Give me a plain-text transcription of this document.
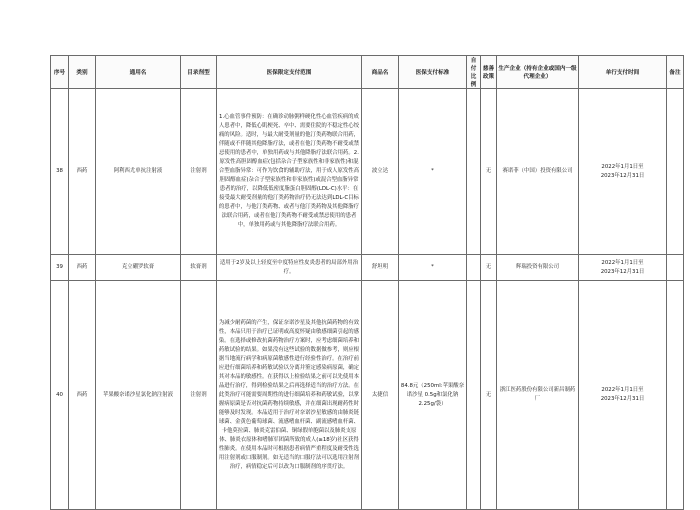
序号	类别	通用名	目录剂型	医保限定支付范围	商品名	医保支付标准	自付比例	慈善政策	生产企业（持有企业或国内一级代理企业）	单行支付时间	备注
38	西药	阿利西尤单抗注射液	注射剂	1.心血管事件预防：在确诊动脉粥样硬化性心血管疾病的成人患者中，降低心肌梗死、卒中、需要住院的不稳定性心绞痛的风险。适时，与最大耐受剂量的他汀类药物联合用药，伴随或不伴随其他降脂疗法，或者在他汀类药物不耐受或禁忌使用的患者中，单独用药或与其他降脂疗法联合用药。2.原发性高胆固醇血症(包括杂合子型家族性和非家族性)和混合型血脂异常：可作为饮食的辅助疗法，用于成人原发性高胆固醇血症(杂合子型家族性和非家族性)或混合型血脂异常患者的治疗，以降低低密度脂蛋白胆固醇(LDL-C)水平：在接受最大耐受剂量的他汀类药物治疗仍无法达到LDL-C目标的患者中，与他汀类药物、或者与他汀类药物及其他降脂疗法联合用药，或者在他汀类药物不耐受或禁忌使用的患者中，单独用药或与其他降脂疗法联合用药。	波立达	*		无	赛诺菲（中国）投资有限公司	2022年1月1日至
2023年12月31日	

39	西药	克立硼罗软膏	软膏剂	适用于2岁及以上轻度至中度特应性皮炎患者的局部外用治疗。	舒坦明	*		无	辉瑞投资有限公司	2022年1月1日至
2023年12月31日	

40	西药	苹果酸奈诺沙星氯化钠注射液	注射剂	为减少耐药菌的产生，保证奈诺沙星及其他抗菌药物的有效性，本品只用于治疗已证明或高度怀疑由敏感细菌引起的感染。在选择或修改抗菌药物治疗方案时，应考虑细菌培养和药敏试验的结果。如果没有这些试验的数据做参考，则应根据当地流行病学和病原菌敏感性进行经验性治疗。在治疗前应进行细菌培养和药敏试验以分离并鉴定感染病原菌，确定其对本品的敏感性。在获得以上检验结果之前可以先使用本品进行治疗，得到检验结果之后再选择适当的治疗方法。在此类治疗可能需要周期性的进行细菌培养和药敏试验，以掌握病原菌是否对抗菌药物持续敏感，并在细菌出现耐药性时能够及时发现。本品适用于治疗对奈诺沙星敏感的由肺炎链球菌、金黄色葡萄球菌、流感嗜血杆菌、副流感嗜血杆菌、卡他莫拉菌、肺炎克雷伯菌、铜绿假单胞菌以及肺炎支原体、肺炎衣原体和嗜肺军团菌所致的成人(≥18岁)社区获得性肺炎。在使用本品时可根据患者病情严重程度及耐受性选用注射剂或口服制剂。如无适当的口服疗法可以选用注射剂治疗，病情稳定后可以改为口服制剂的序贯疗法。	太捷信	84.8元（250ml:苹果酸奈诺沙星 0.5g和氯化钠 2.25g/袋）		无	浙江医药股份有限公司新昌制药厂	2022年1月1日至
2023年12月31日	
